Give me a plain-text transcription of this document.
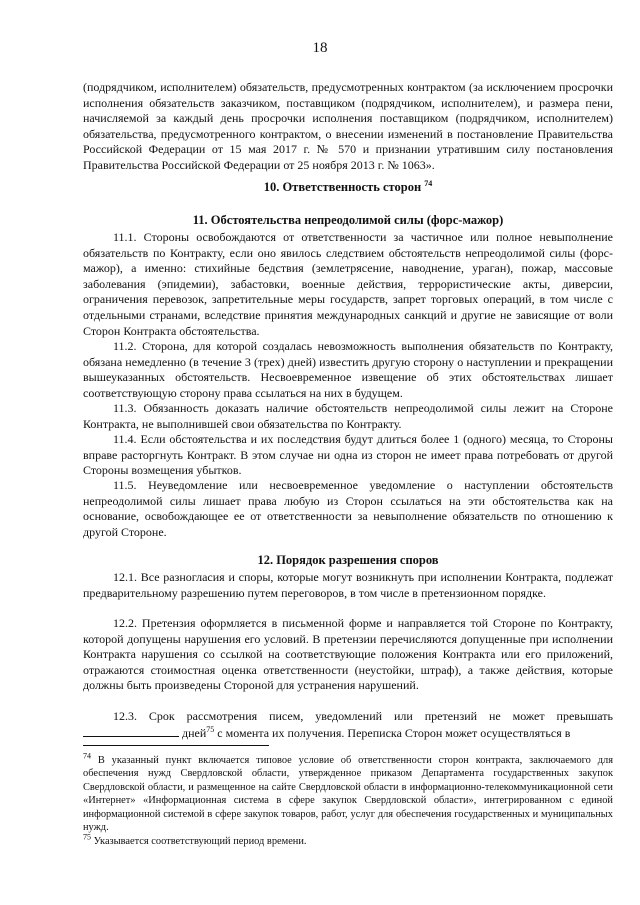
18

(подрядчиком, исполнителем) обязательств, предусмотренных контрактом (за исключением просрочки исполнения обязательств заказчиком, поставщиком (подрядчиком, исполнителем), и размера пени, начисляемой за каждый день просрочки исполнения поставщиком (подрядчиком, исполнителем) обязательства, предусмотренного контрактом, о внесении изменений в постановление Правительства Российской Федерации от 15 мая 2017 г. № 570 и признании утратившим силу постановления Правительства Российской Федерации от 25 ноября 2013 г. № 1063».

10. Ответственность сторон $^{74}$
11. Обстоятельства непреодолимой силы (форс-мажор)

11.1. Стороны освобождаются от ответственности за частичное или полное невыполнение обязательств по Контракту, если оно явилось следствием обстоятельств непреодолимой силы (форс-мажор), а именно: стихийные бедствия (землетрясение, наводнение, ураган), пожар, массовые заболевания (эпидемии), забастовки, военные действия, террористические акты, диверсии, ограничения перевозок, запретительные меры государств, запрет торговых операций, в том числе с отдельными странами, вследствие принятия международных санкций и другие не зависящие от воли Сторон Контракта обстоятельства.

11.2. Сторона, для которой создалась невозможность выполнения обязательств по Контракту, обязана немедленно (в течение 3 (трех) дней) известить другую сторону о наступлении и прекращении вышеуказанных обстоятельств. Несвоевременное извещение об этих обстоятельствах лишает соответствующую сторону права ссылаться на них в будущем.

11.3. Обязанность доказать наличие обстоятельств непреодолимой силы лежит на Стороне Контракта, не выполнившей свои обязательства по Контракту.

11.4. Если обстоятельства и их последствия будут длиться более 1 (одного) месяца, то Стороны вправе расторгнуть Контракт. В этом случае ни одна из сторон не имеет права потребовать от другой Стороны возмещения убытков.

11.5. Неуведомление или несвоевременное уведомление о наступлении обстоятельств непреодолимой силы лишает права любую из Сторон ссылаться на эти обстоятельства как на основание, освобождающее ее от ответственности за невыполнение обязательств по отношению к другой Стороне.

12. Порядок разрешения споров

12.1. Все разногласия и споры, которые могут возникнуть при исполнении Контракта, подлежат предварительному разрешению путем переговоров, в том числе в претензионном порядке.

12.2. Претензия оформляется в письменной форме и направляется той Стороне по Контракту, которой допущены нарушения его условий. В претензии перечисляются допущенные при исполнении Контракта нарушения со ссылкой на соответствующие положения Контракта или его приложений, отражаются стоимостная оценка ответственности (неустойки, штраф), а также действия, которые должны быть произведены Стороной для устранения нарушений.

12.3. Срок рассмотрения писем, уведомлений или претензий не может превышать  дней$^{75}$ с момента их получения. Переписка Сторон может осуществляться в

$^{74}$ В указанный пункт включается типовое условие об ответственности сторон контракта, заключаемого для обеспечения нужд Свердловской области, утвержденное приказом Департамента государственных закупок Свердловской области, и размещенное на сайте Свердловской области в информационно-телекоммуникационной сети «Интернет» «Информационная система в сфере закупок Свердловской области», интегрированном с единой информационной системой в сфере закупок товаров, работ, услуг для обеспечения государственных и муниципальных нужд.

$^{75}$ Указывается соответствующий период времени.
